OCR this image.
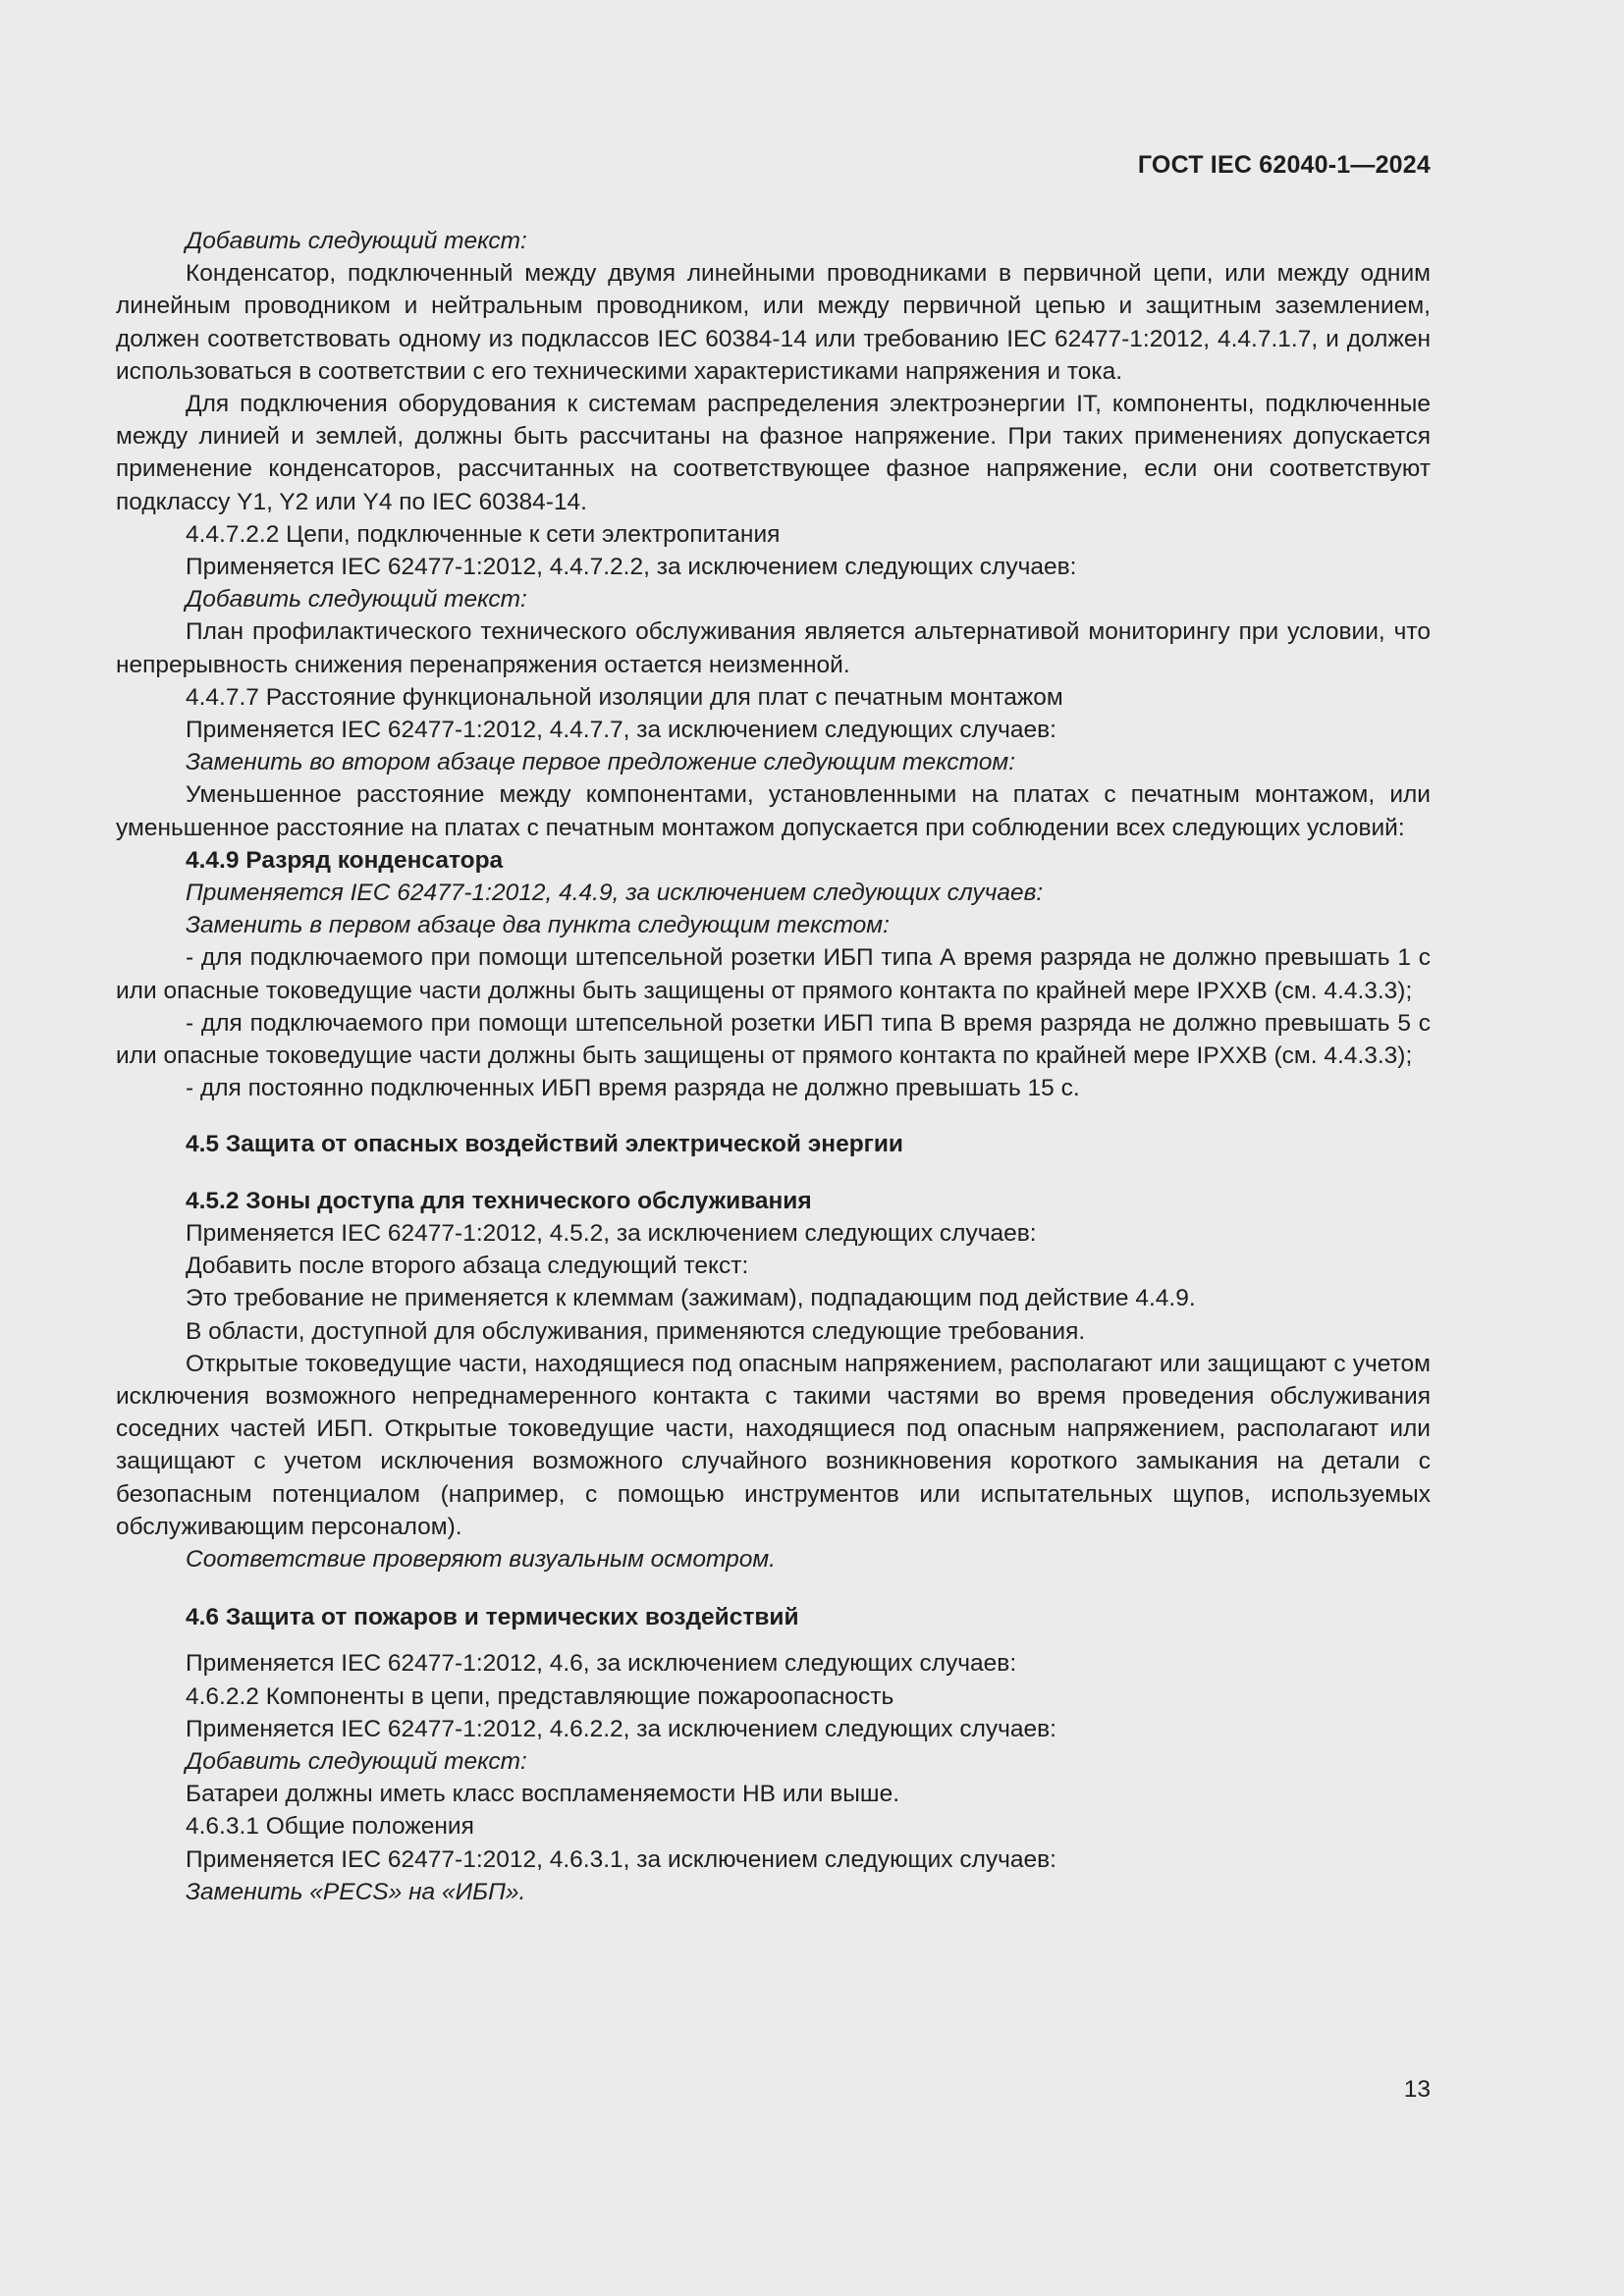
ГОСТ IEC 62040-1—2024

Добавить следующий текст:

Конденсатор, подключенный между двумя линейными проводниками в первичной цепи, или между одним линейным проводником и нейтральным проводником, или между первичной цепью и защитным заземлением, должен соответствовать одному из подклассов IEC 60384-14 или требованию IEC 62477-1:2012, 4.4.7.1.7, и должен использоваться в соответствии с его техническими характеристиками напряжения и тока.

Для подключения оборудования к системам распределения электроэнергии IT, компоненты, подключенные между линией и землей, должны быть рассчитаны на фазное напряжение. При таких применениях допускается применение конденсаторов, рассчитанных на соответствующее фазное напряжение, если они соответствуют подклассу Y1, Y2 или Y4 по IEC 60384-14.

4.4.7.2.2 Цепи, подключенные к сети электропитания

Применяется IEC 62477-1:2012, 4.4.7.2.2, за исключением следующих случаев:

Добавить следующий текст:

План профилактического технического обслуживания является альтернативой мониторингу при условии, что непрерывность снижения перенапряжения остается неизменной.

4.4.7.7 Расстояние функциональной изоляции для плат с печатным монтажом

Применяется IEC 62477-1:2012, 4.4.7.7, за исключением следующих случаев:

Заменить во втором абзаце первое предложение следующим текстом:

Уменьшенное расстояние между компонентами, установленными на платах с печатным монтажом, или уменьшенное расстояние на платах с печатным монтажом допускается при соблюдении всех следующих условий:

4.4.9 Разряд конденсатора

Применяется IEC 62477-1:2012, 4.4.9, за исключением следующих случаев:

Заменить в первом абзаце два пункта следующим текстом:

- для подключаемого при помощи штепсельной розетки ИБП типа А время разряда не должно превышать 1 с или опасные токоведущие части должны быть защищены от прямого контакта по крайней мере IPXXB (см. 4.4.3.3);

- для подключаемого при помощи штепсельной розетки ИБП типа В время разряда не должно превышать 5 с или опасные токоведущие части должны быть защищены от прямого контакта по крайней мере IPXXB (см. 4.4.3.3);

- для постоянно подключенных ИБП время разряда не должно превышать 15 с.

4.5 Защита от опасных воздействий электрической энергии

4.5.2 Зоны доступа для технического обслуживания

Применяется IEC 62477-1:2012, 4.5.2, за исключением следующих случаев:

Добавить после второго абзаца следующий текст:

Это требование не применяется к клеммам (зажимам), подпадающим под действие 4.4.9.

В области, доступной для обслуживания, применяются следующие требования.

Открытые токоведущие части, находящиеся под опасным напряжением, располагают или защищают с учетом исключения возможного непреднамеренного контакта с такими частями во время проведения обслуживания соседних частей ИБП. Открытые токоведущие части, находящиеся под опасным напряжением, располагают или защищают с учетом исключения возможного случайного возникновения короткого замыкания на детали с безопасным потенциалом (например, с помощью инструментов или испытательных щупов, используемых обслуживающим персоналом).

Соответствие проверяют визуальным осмотром.

4.6 Защита от пожаров и термических воздействий

Применяется IEC 62477-1:2012, 4.6, за исключением следующих случаев:

4.6.2.2 Компоненты в цепи, представляющие пожароопасность

Применяется IEC 62477-1:2012, 4.6.2.2, за исключением следующих случаев:

Добавить следующий текст:

Батареи должны иметь класс воспламеняемости HB или выше.

4.6.3.1 Общие положения

Применяется IEC 62477-1:2012, 4.6.3.1, за исключением следующих случаев:

Заменить «PECS» на «ИБП».

13
